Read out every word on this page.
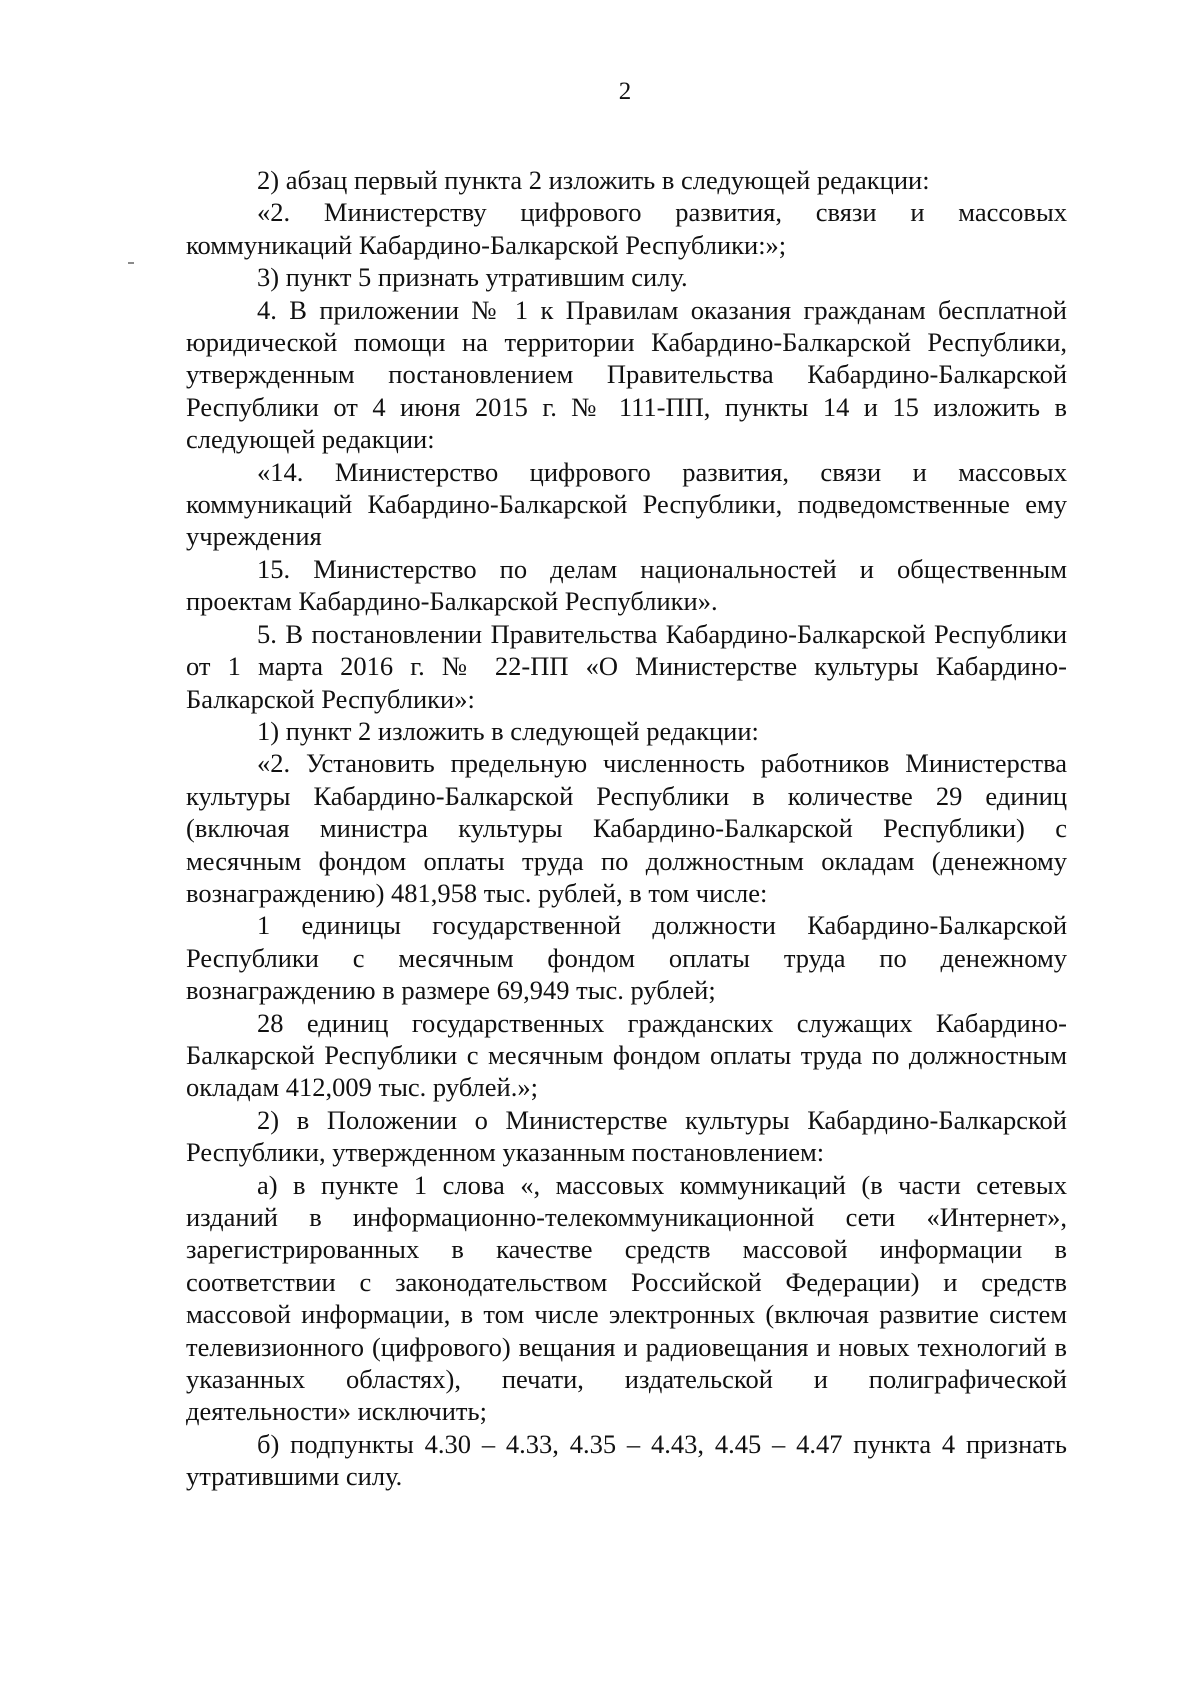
2

2) абзац первый пункта 2 изложить в следующей редакции:

«2. Министерству цифрового развития, связи и массовых коммуникаций Кабардино-Балкарской Республики:»;

3) пункт 5 признать утратившим силу.

4. В приложении № 1 к Правилам оказания гражданам бесплатной юридической помощи на территории Кабардино-Балкарской Республики, утвержденным постановлением Правительства Кабардино-Балкарской Республики от 4 июня 2015 г. № 111-ПП, пункты 14 и 15 изложить в следующей редакции:

«14. Министерство цифрового развития, связи и массовых коммуникаций Кабардино-Балкарской Республики, подведомственные ему учреждения

15. Министерство по делам национальностей и общественным проектам Кабардино-Балкарской Республики».

5. В постановлении Правительства Кабардино-Балкарской Республики от 1 марта 2016 г. № 22-ПП «О Министерстве культуры Кабардино-Балкарской Республики»:

1) пункт 2 изложить в следующей редакции:

«2. Установить предельную численность работников Министерства культуры Кабардино-Балкарской Республики в количестве 29 единиц (включая министра культуры Кабардино-Балкарской Республики) с месячным фондом оплаты труда по должностным окладам (денежному вознаграждению) 481,958 тыс. рублей, в том числе:

1 единицы государственной должности Кабардино-Балкарской Республики с месячным фондом оплаты труда по денежному вознаграждению в размере 69,949 тыс. рублей;

28 единиц государственных гражданских служащих Кабардино-Балкарской Республики с месячным фондом оплаты труда по должностным окладам 412,009 тыс. рублей.»;

2) в Положении о Министерстве культуры Кабардино-Балкарской Республики, утвержденном указанным постановлением:

а) в пункте 1 слова «, массовых коммуникаций (в части сетевых изданий в информационно-телекоммуникационной сети «Интернет», зарегистрированных в качестве средств массовой информации в соответствии с законодательством Российской Федерации) и средств массовой информации, в том числе электронных (включая развитие систем телевизионного (цифрового) вещания и радиовещания и новых технологий в указанных областях), печати, издательской и полиграфической деятельности» исключить;

б) подпункты 4.30 – 4.33, 4.35 – 4.43, 4.45 – 4.47 пункта 4 признать утратившими силу.
